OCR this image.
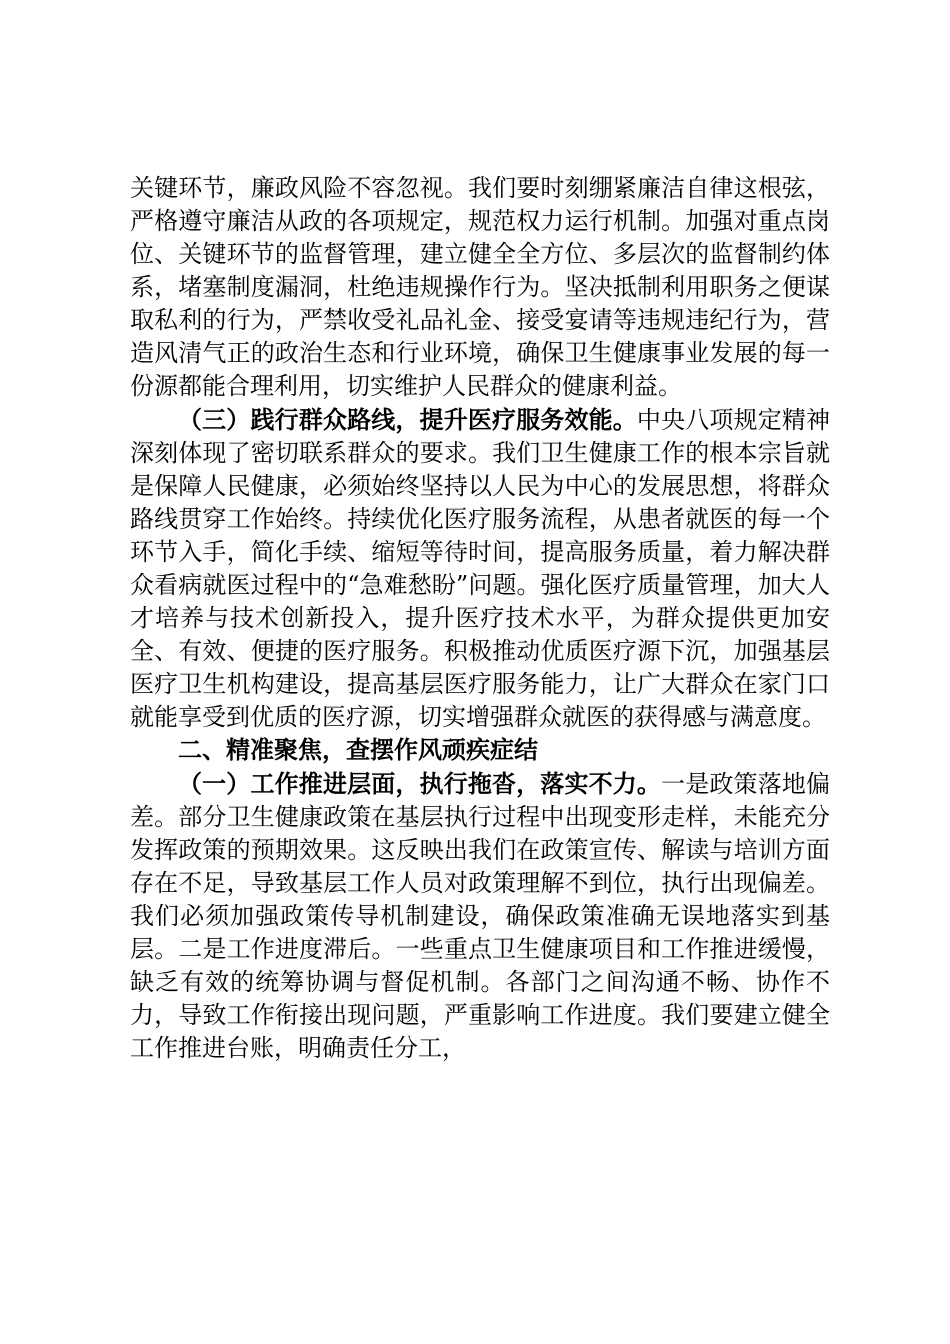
关键环节，廉政风险不容忽视。我们要时刻绷紧廉洁自律这根弦，严格遵守廉洁从政的各项规定，规范权力运行机制。加强对重点岗位、关键环节的监督管理，建立健全全方位、多层次的监督制约体系，堵塞制度漏洞，杜绝违规操作行为。坚决抵制利用职务之便谋取私利的行为，严禁收受礼品礼金、接受宴请等违规违纪行为，营造风清气正的政治生态和行业环境，确保卫生健康事业发展的每一份源都能合理利用，切实维护人民群众的健康利益。

（三）践行群众路线，提升医疗服务效能。中央八项规定精神深刻体现了密切联系群众的要求。我们卫生健康工作的根本宗旨就是保障人民健康，必须始终坚持以人民为中心的发展思想，将群众路线贯穿工作始终。持续优化医疗服务流程，从患者就医的每一个环节入手，简化手续、缩短等待时间，提高服务质量，着力解决群众看病就医过程中的“急难愁盼”问题。强化医疗质量管理，加大人才培养与技术创新投入，提升医疗技术水平，为群众提供更加安全、有效、便捷的医疗服务。积极推动优质医疗源下沉，加强基层医疗卫生机构建设，提高基层医疗服务能力，让广大群众在家门口就能享受到优质的医疗源，切实增强群众就医的获得感与满意度。

二、精准聚焦，查摆作风顽疾症结

（一）工作推进层面，执行拖沓，落实不力。一是政策落地偏差。部分卫生健康政策在基层执行过程中出现变形走样，未能充分发挥政策的预期效果。这反映出我们在政策宣传、解读与培训方面存在不足，导致基层工作人员对政策理解不到位，执行出现偏差。我们必须加强政策传导机制建设，确保政策准确无误地落实到基层。二是工作进度滞后。一些重点卫生健康项目和工作推进缓慢，缺乏有效的统筹协调与督促机制。各部门之间沟通不畅、协作不力，导致工作衔接出现问题，严重影响工作进度。我们要建立健全工作推进台账，明确责任分工，
